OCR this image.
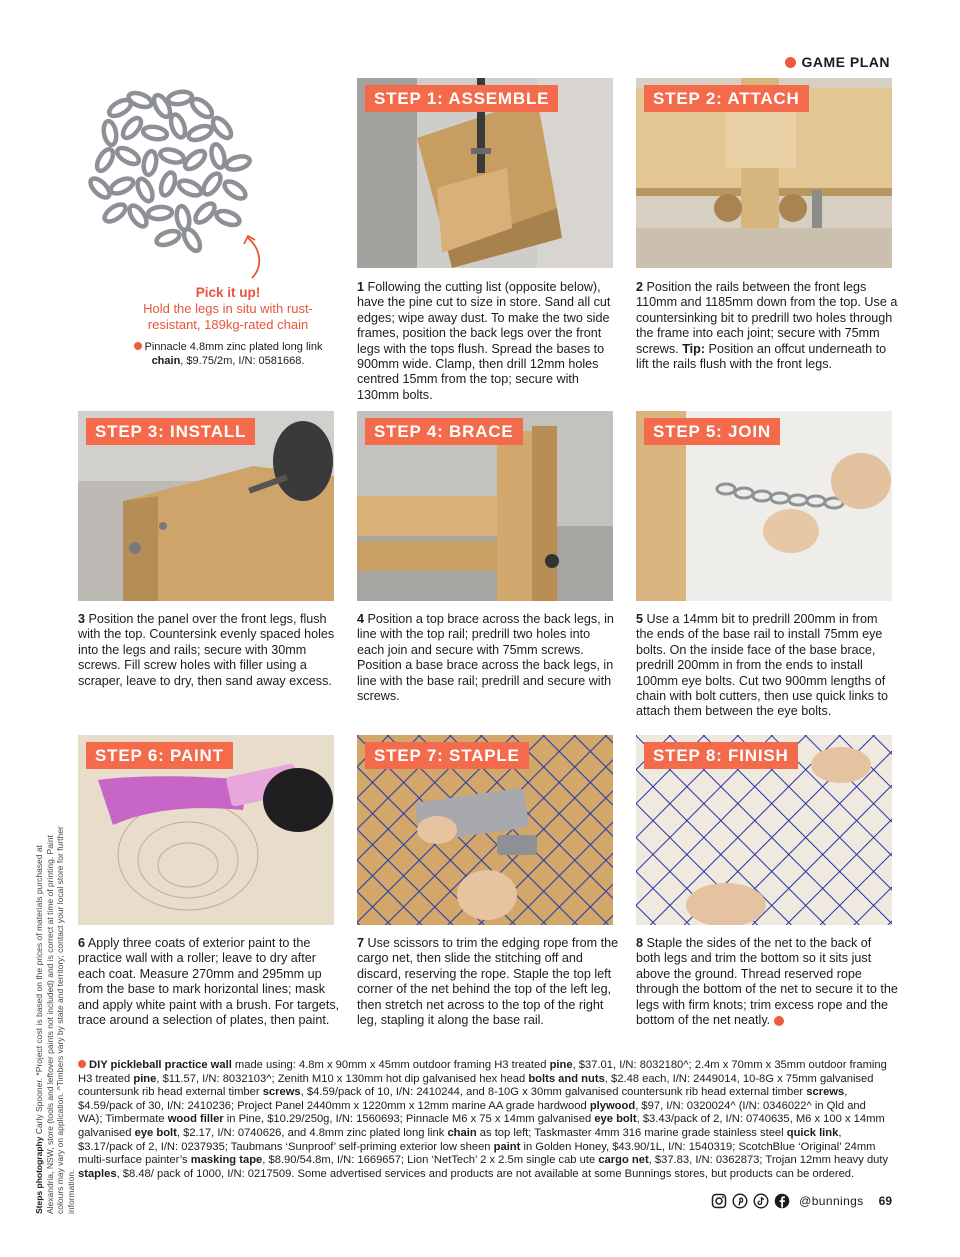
GAME PLAN
Pick it up!
Hold the legs in situ with rust-resistant, 189kg-rated chain
Pinnacle 4.8mm zinc plated long link chain, $9.75/2m, I/N: 0581668.
STEP 1: ASSEMBLE	STEP 2: ATTACH
1 Following the cutting list (opposite below), have the pine cut to size in store. Sand all cut edges; wipe away dust. To make the two side frames, position the back legs over the front legs with the tops flush. Spread the bases to 900mm wide. Clamp, then drill 12mm holes centred 15mm from the top; secure with 130mm bolts.
2 Position the rails between the front legs 110mm and 1185mm down from the top. Use a countersinking bit to predrill two holes through the frame into each joint; secure with 75mm screws. Tip: Position an offcut underneath to lift the rails flush with the front legs.
STEP 3: INSTALL	STEP 4: BRACE	STEP 5: JOIN
3 Position the panel over the front legs, flush with the top. Countersink evenly spaced holes into the legs and rails; secure with 30mm screws. Fill screw holes with filler using a scraper, leave to dry, then sand away excess.
4 Position a top brace across the back legs, in line with the top rail; predrill two holes into each join and secure with 75mm screws. Position a base brace across the back legs, in line with the base rail; predrill and secure with screws.
5 Use a 14mm bit to predrill 200mm in from the ends of the base rail to install 75mm eye bolts. On the inside face of the base brace, predrill 200mm in from the ends to install 100mm eye bolts. Cut two 900mm lengths of chain with bolt cutters, then use quick links to attach them between the eye bolts.
STEP 6: PAINT	STEP 7: STAPLE	STEP 8: FINISH
6 Apply three coats of exterior paint to the practice wall with a roller; leave to dry after each coat. Measure 270mm and 295mm up from the base to mark horizontal lines; mask and apply white paint with a brush. For targets, trace around a selection of plates, then paint.
7 Use scissors to trim the edging rope from the cargo net, then slide the stitching off and discard, reserving the rope. Staple the top left corner of the net behind the top of the left leg, then stretch net across to the top of the right leg, stapling it along the base rail.
8 Staple the sides of the net to the back of both legs and trim the bottom so it sits just above the ground. Thread reserved rope through the bottom of the net to secure it to the legs with firm knots; trim excess rope and the bottom of the net neatly.
Steps photography Carly Spooner. *Project cost is based on the prices of materials purchased at Alexandria, NSW, store (tools and leftover paints not included) and is correct at time of printing. Paint colours may vary on application. ^Timbers vary by state and territory; contact your local store for further information.
DIY pickleball practice wall made using: 4.8m x 90mm x 45mm outdoor framing H3 treated pine, $37.01, I/N: 8032180^; 2.4m x 70mm x 35mm outdoor framing H3 treated pine, $11.57, I/N: 8032103^; Zenith M10 x 130mm hot dip galvanised hex head bolts and nuts, $2.48 each, I/N: 2449014, 10-8G x 75mm galvanised countersunk rib head external timber screws, $4.59/pack of 10, I/N: 2410244, and 8-10G x 30mm galvanised countersunk rib head external timber screws, $4.59/pack of 30, I/N: 2410236; Project Panel 2440mm x 1220mm x 12mm marine AA grade hardwood plywood, $97, I/N: 0320024^ (I/N: 0346022^ in Qld and WA); Timbermate wood filler in Pine, $10.29/250g, I/N: 1560693; Pinnacle M6 x 75 x 14mm galvanised eye bolt, $3.43/pack of 2, I/N: 0740635, M6 x 100 x 14mm galvanised eye bolt, $2.17, I/N: 0740626, and 4.8mm zinc plated long link chain as top left; Taskmaster 4mm 316 marine grade stainless steel quick link, $3.17/pack of 2, I/N: 0237935; Taubmans ‘Sunproof’ self-priming exterior low sheen paint in Golden Honey, $43.90/1L, I/N: 1540319; ScotchBlue ‘Original’ 24mm multi-surface painter’s masking tape, $8.90/54.8m, I/N: 1669657; Lion ‘NetTech’ 2 x 2.5m single cab ute cargo net, $37.83, I/N: 0362873; Trojan 12mm heavy duty staples, $8.48/ pack of 1000, I/N: 0217509. Some advertised services and products are not available at some Bunnings stores, but products can be ordered.
@bunnings 69
